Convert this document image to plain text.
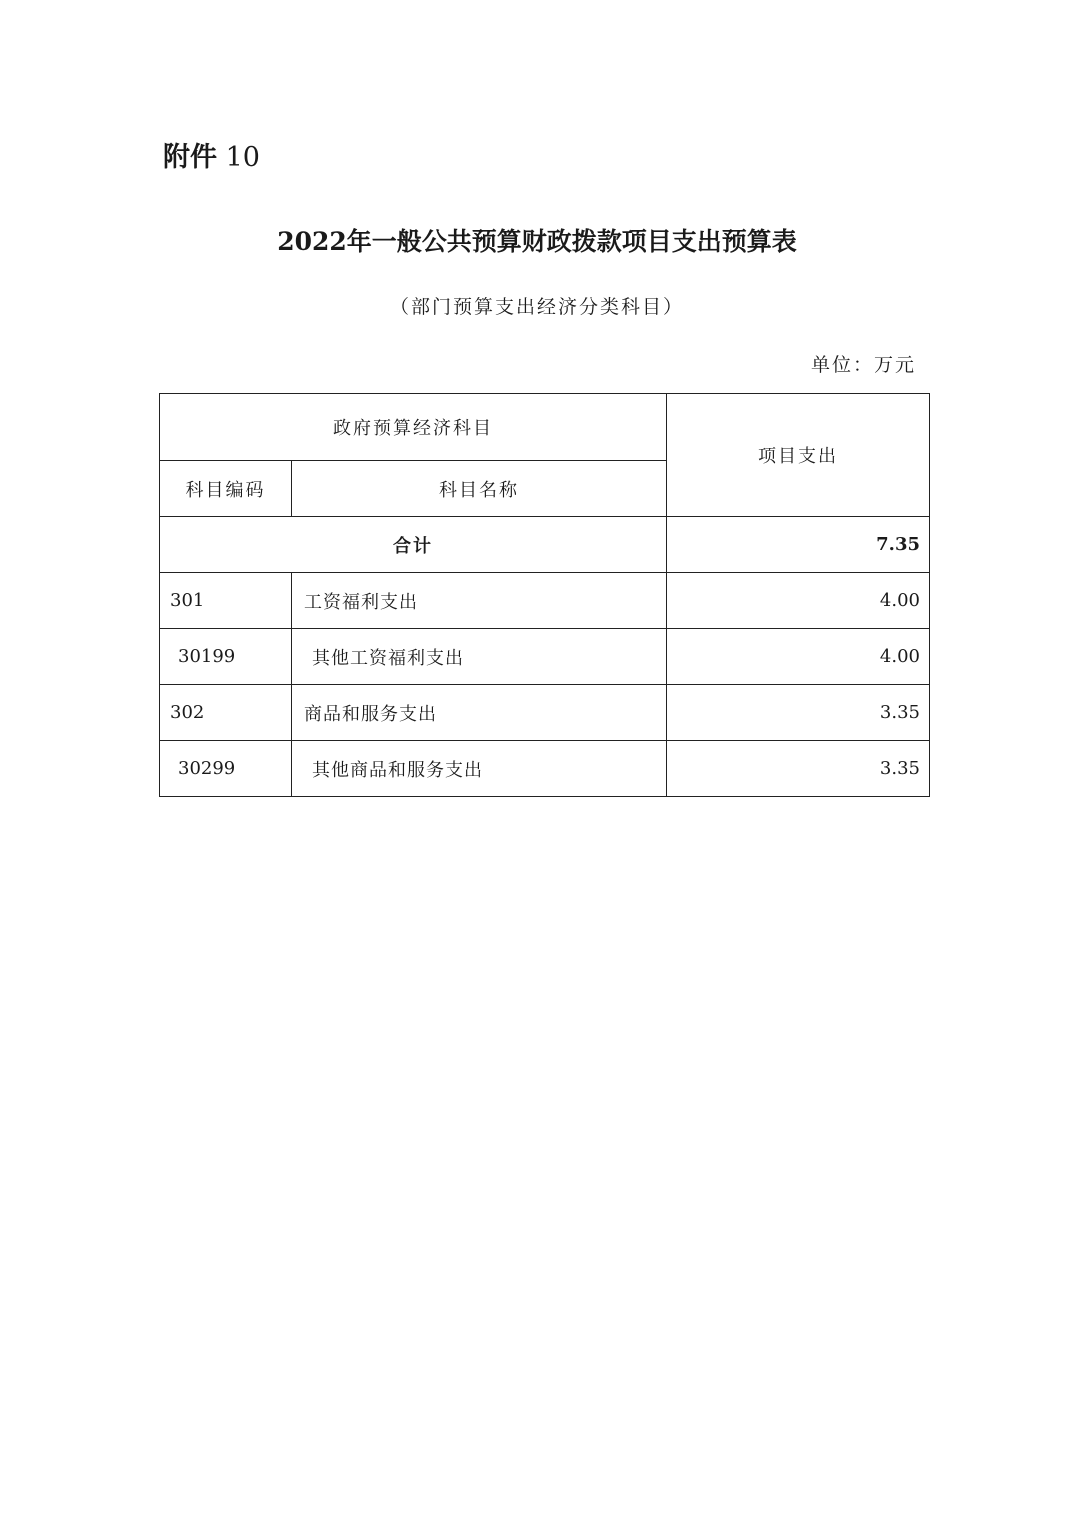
附件 10
2022年一般公共预算财政拨款项目支出预算表
（部门预算支出经济分类科目）
单位：万元
政府预算经济科目		项目支出
科目编码	科目名称	
合计		7.35
301	工资福利支出	4.00
30199	其他工资福利支出	4.00
302	商品和服务支出	3.35
30299	其他商品和服务支出	3.35
